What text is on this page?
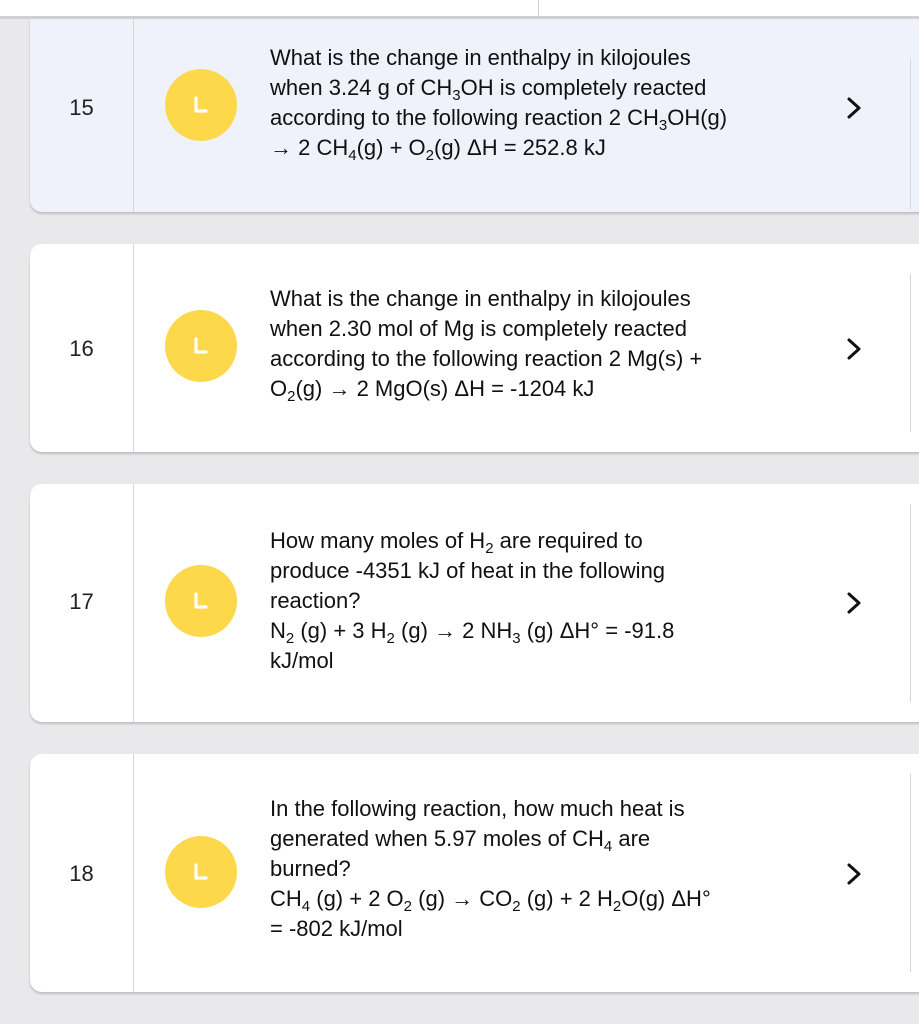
15
What is the change in enthalpy in kilojoules
when 3.24 g of $CH_3OH$ is completely reacted
according to the following reaction 2 $CH_3OH(g)$
→ 2 $CH_4(g) + O_2(g) \Delta H = 252.8$ kJ
16
What is the change in enthalpy in kilojoules
when 2.30 mol of Mg is completely reacted
according to the following reaction 2 Mg(s) +
$O_2(g) \to 2$ MgO(s) ΔH = -1204 kJ
17
How many moles of $H_2$ are required to
produce -4351 kJ of heat in the following
reaction?
$N_2$ (g) + 3 $H_2$ (g) → 2 $NH_3$ (g) ΔH° = -91.8
kJ/mol
18
In the following reaction, how much heat is
generated when 5.97 moles of $CH_4$ are
burned?
$CH_4$ (g) + 2 $O_2$ $(g) \to CO_2$ (g) + 2 $H_2O(g)$ ΔH°
= -802 kJ/mol
